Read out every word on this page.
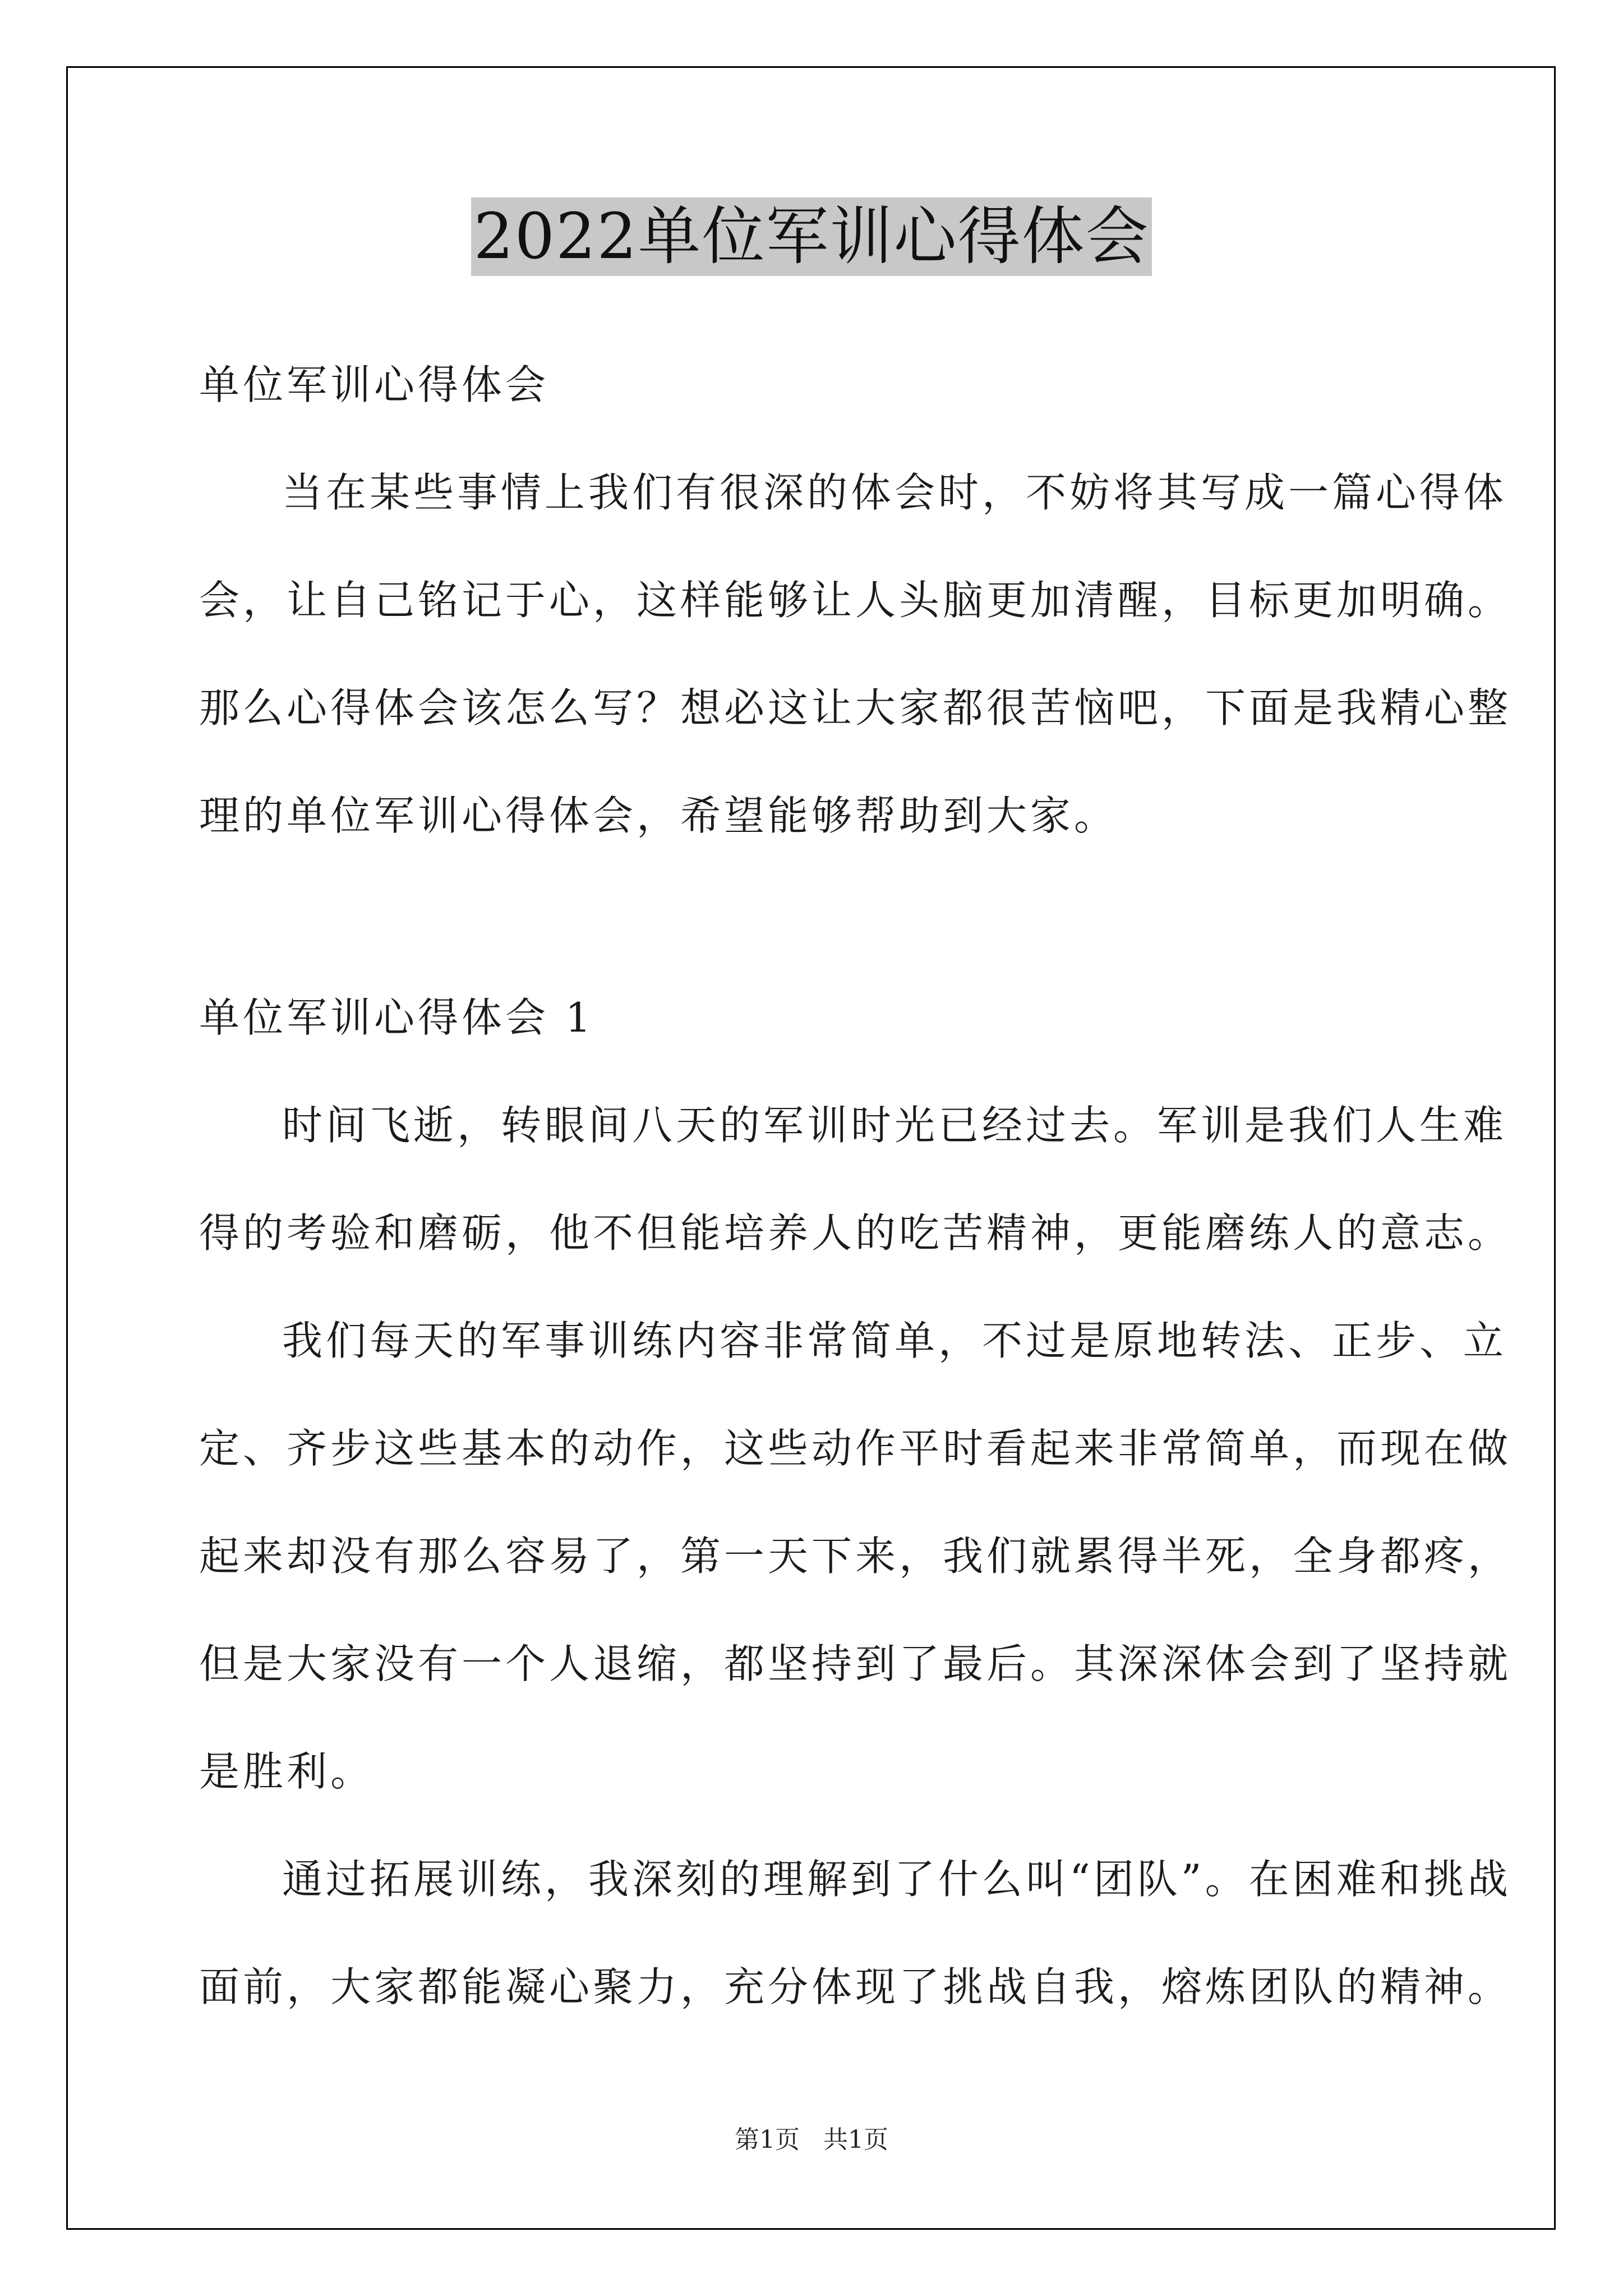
2022单位军训心得体会
单位军训心得体会
当在某些事情上我们有很深的体会时，不妨将其写成一篇心得体
会，让自己铭记于心，这样能够让人头脑更加清醒，目标更加明确。
那么心得体会该怎么写？想必这让大家都很苦恼吧，下面是我精心整
理的单位军训心得体会，希望能够帮助到大家。
单位军训心得体会 1
时间飞逝，转眼间八天的军训时光已经过去。军训是我们人生难
得的考验和磨砺，他不但能培养人的吃苦精神，更能磨练人的意志。
我们每天的军事训练内容非常简单，不过是原地转法、正步、立
定、齐步这些基本的动作，这些动作平时看起来非常简单，而现在做
起来却没有那么容易了，第一天下来，我们就累得半死，全身都疼，
但是大家没有一个人退缩，都坚持到了最后。其深深体会到了坚持就
是胜利。
通过拓展训练，我深刻的理解到了什么叫“团队”。在困难和挑战
面前，大家都能凝心聚力，充分体现了挑战自我，熔炼团队的精神。
第1页   共1页
